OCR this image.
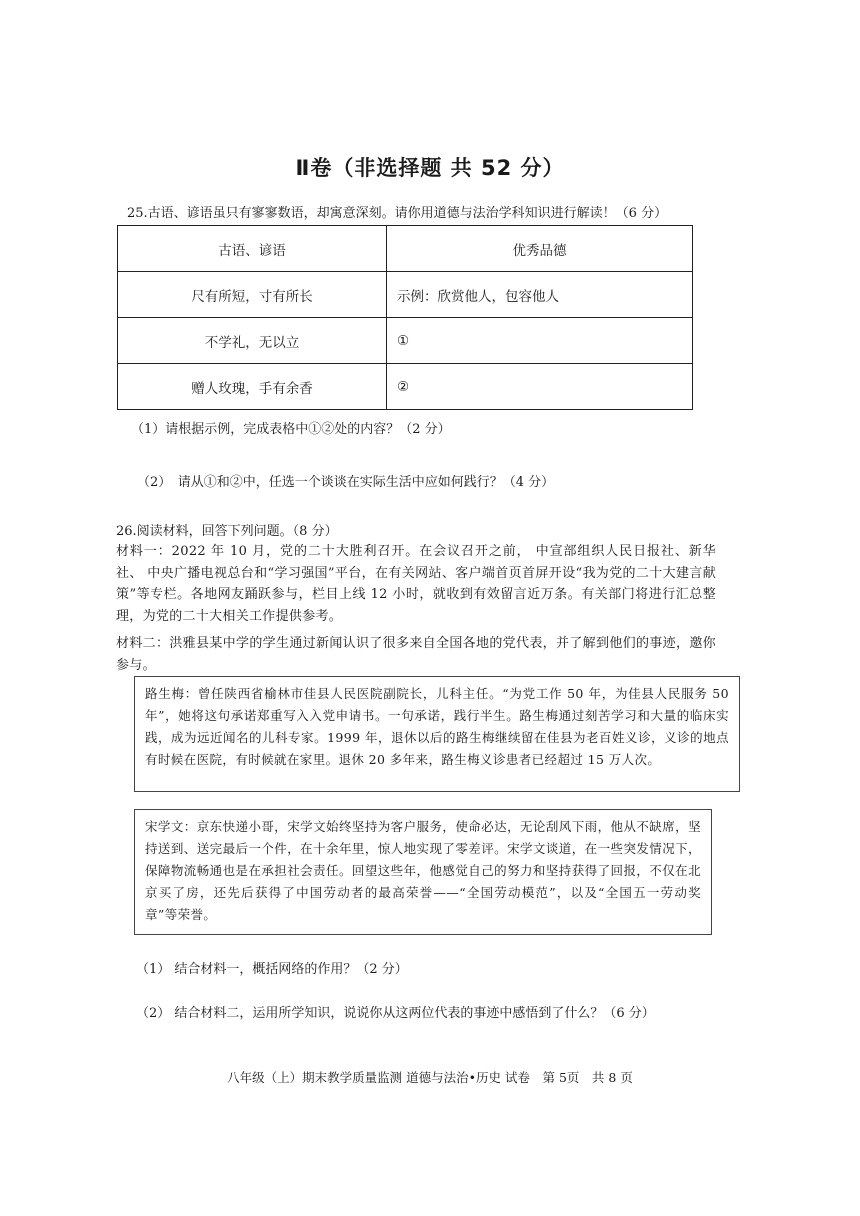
Ⅱ卷（非选择题 共 52 分）
25.古语、谚语虽只有寥寥数语，却寓意深刻。请你用道德与法治学科知识进行解读！（6 分）
古语、谚语	优秀品德
尺有所短，寸有所长	示例：欣赏他人，包容他人
不学礼，无以立	①
赠人玫瑰，手有余香	②
（1）请根据示例，完成表格中①②处的内容？（2 分）
（2）　请从①和②中，任选一个谈谈在实际生活中应如何践行？（4 分）
26.阅读材料，回答下列问题。（8 分）
材料一：2022 年 10 月，党的二十大胜利召开。在会议召开之前， 中宣部组织人民日报社、新华社、 中央广播电视总台和“学习强国”平台，在有关网站、客户端首页首屏开设“我为党的二十大建言献策”等专栏。各地网友踊跃参与，栏目上线 12 小时，就收到有效留言近万条。有关部门将进行汇总整理，为党的二十大相关工作提供参考。
材料二：洪雅县某中学的学生通过新闻认识了很多来自全国各地的党代表，并了解到他们的事迹，邀你参与。
路生梅：曾任陕西省榆林市佳县人民医院副院长，儿科主任。“为党工作 50 年，为佳县人民服务 50 年”，她将这句承诺郑重写入入党申请书。一句承诺，践行半生。路生梅通过刻苦学习和大量的临床实践，成为远近闻名的儿科专家。1999 年，退休以后的路生梅继续留在佳县为老百姓义诊，义诊的地点有时候在医院，有时候就在家里。退休 20 多年来，路生梅义诊患者已经超过 15 万人次。
宋学文：京东快递小哥，宋学文始终坚持为客户服务，使命必达，无论刮风下雨，他从不缺席，坚持送到、送完最后一个件，在十余年里，惊人地实现了零差评。宋学文谈道，在一些突发情况下，保障物流畅通也是在承担社会责任。回望这些年，他感觉自己的努力和坚持获得了回报，不仅在北京买了房，还先后获得了中国劳动者的最高荣誉——“全国劳动模范”，以及“全国五一劳动奖章”等荣誉。
（1） 结合材料一，概括网络的作用？（2 分）
（2） 结合材料二，运用所学知识，说说你从这两位代表的事迹中感悟到了什么？（6 分）
八年级（上）期末教学质量监测 道德与法治•历史 试卷　第 5页　共 8 页
